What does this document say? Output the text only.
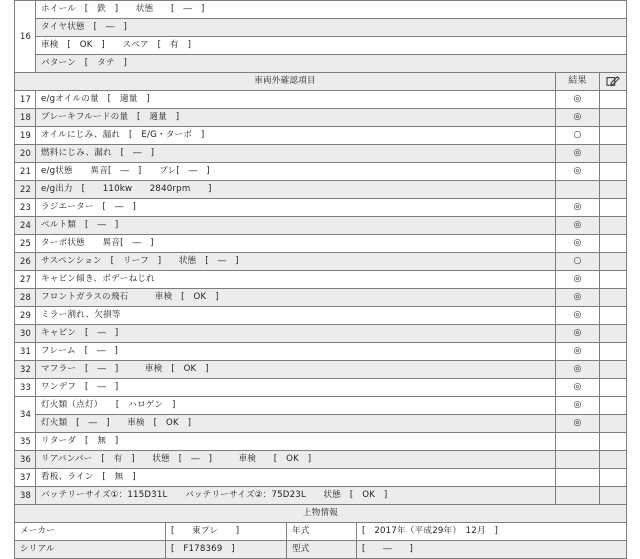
16	ホイール　[　鉄　]　　状態　　[　―　]					
	タイヤ状態　[　―　]					
	車検　[　OK　]　　スペア　[　有　]					
	パターン　[　タテ　]					
車両外確認項目					結果	
17	e/gオイルの量　[　適量　]				◎	
18	ブレーキフルードの量　[　適量　]				◎	
19	オイルにじみ、漏れ　[　E/G・ターボ　]				○	
20	燃料にじみ、漏れ　[　―　]				◎	
21	e/g状態　　異音[　―　]　　ブレ[　―　]				◎	
22	e/g出力　[　　110kw　　2840rpm　　]					
23	ラジエーター　[　―　]				◎	
24	ベルト類　[　―　]				◎	
25	ターボ状態　　異音[　―　]				◎	
26	サスペンション　[　リーフ　]　　状態　[　―　]				○	
27	キャビン傾き、ボデーねじれ				◎	
28	フロントガラスの飛石　　　車検　[　OK　]				◎	
29	ミラー割れ、欠損等				◎	
30	キャビン　[　―　]				◎	
31	フレーム　[　―　]				◎	
32	マフラー　[　―　]　　　車検　[　OK　]				◎	
33	ワンデフ　[　―　]				◎	
34	灯火類（点灯）　　[　ハロゲン　]				◎	
	灯火類　[　―　]　　車検　[　OK　]				◎	
35	リターダ　[　無　]					
36	リアバンパー　[　有　]　　状態　[　―　]　　　車検　　[　OK　]					
37	看板、ライン　[　無　]					
38	バッテリーサイズ①：115D31L　　バッテリーサイズ②：75D23L　　状態　[　OK　]					
上物情報						
メーカー		[　　東プレ　　]	年式	[　2017年（平成29年）　12月　]		
シリアル		[　F178369　]	型式	[　　―　　]		
